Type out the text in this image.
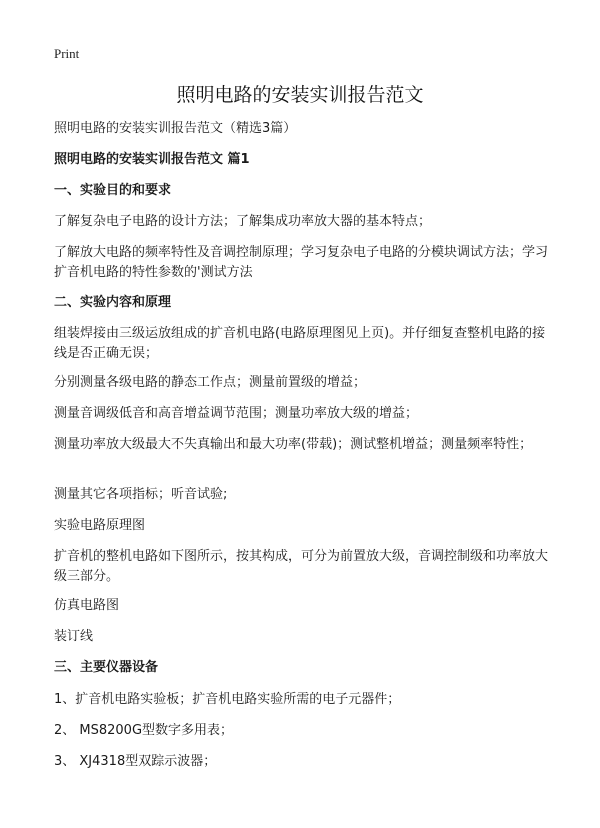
Print
照明电路的安装实训报告范文
照明电路的安装实训报告范文（精选3篇）
照明电路的安装实训报告范文 篇1
一、实验目的和要求
了解复杂电子电路的设计方法；了解集成功率放大器的基本特点；
了解放大电路的频率特性及音调控制原理；学习复杂电子电路的分模块调试方法；学习扩音机电路的特性参数的'测试方法
二、实验内容和原理
组装焊接由三级运放组成的扩音机电路(电路原理图见上页)。并仔细复查整机电路的接线是否正确无误；
分别测量各级电路的静态工作点；测量前置级的增益；
测量音调级低音和高音增益调节范围；测量功率放大级的增益；
测量功率放大级最大不失真输出和最大功率(带载)；测试整机增益；测量频率特性；
测量其它各项指标；听音试验;
实验电路原理图
扩音机的整机电路如下图所示，按其构成，可分为前置放大级，音调控制级和功率放大级三部分。
仿真电路图
装订线
三、主要仪器设备
1、扩音机电路实验板；扩音机电路实验所需的电子元器件；
2、 MS8200G型数字多用表；
3、 XJ4318型双踪示波器；
